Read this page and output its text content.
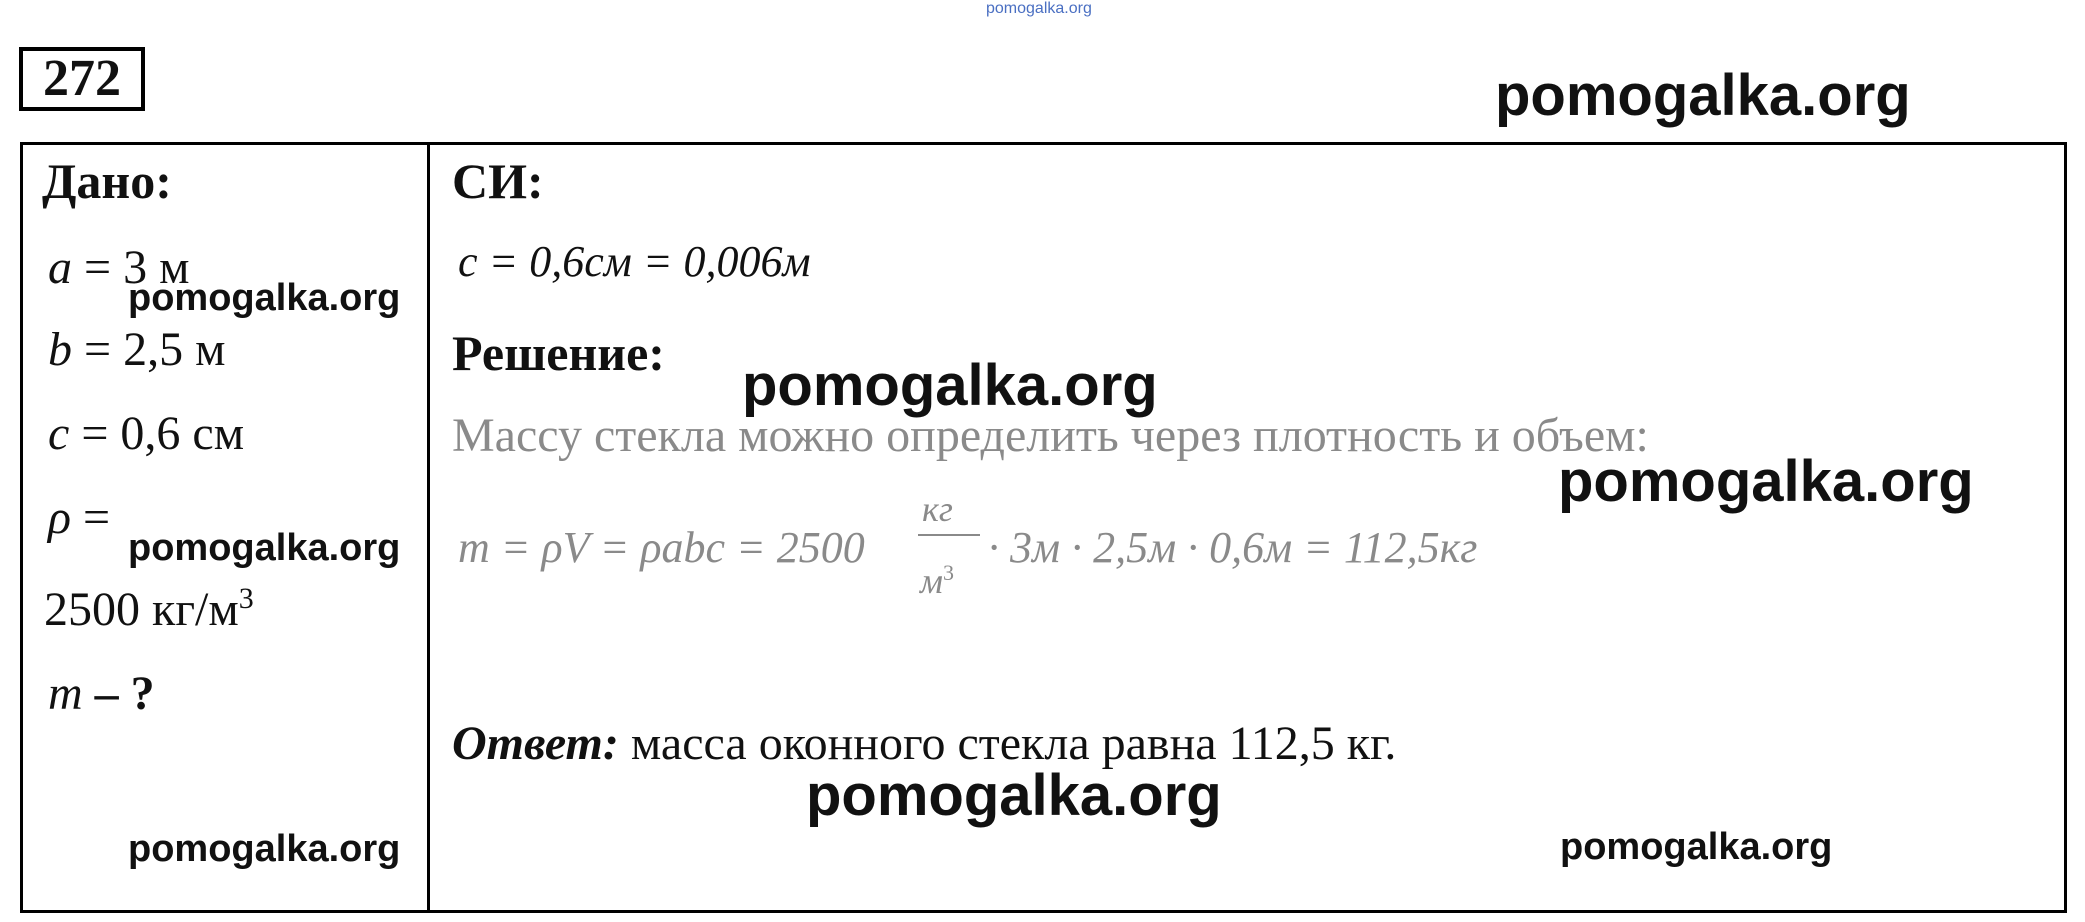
pomogalka.org
272	pomogalka.org
Дано:
a = 3 м
b = 2,5 м
c = 0,6 см
ρ =
2500 $кг/м^3$
m – ?
СИ:
c = 0,6см = 0,006м
Решение:
Массу стекла можно определить через плотность и объем:
m = ρV = ρabc = 2500
кг
$м^3$
· 3м · 2,5м · 0,6м = 112,5кг
Ответ: масса оконного стекла равна 112,5 кг.
pomogalka.org
pomogalka.org
pomogalka.org
pomogalka.org
pomogalka.org
pomogalka.org
pomogalka.org
